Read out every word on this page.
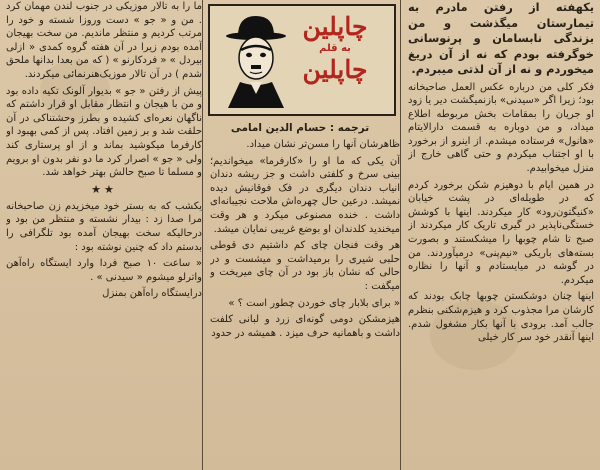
یکهفته از رفتن مادرم به تیمارستان میگذشت و من بزندگی نابسامان و پرنوسانی خوگرفته بودم که نه از آن دریغ میخوردم و نه از آن لذتی میبردم.

فکر کلی من درباره عکس العمل صاحبخانه بود؛ زیرا اگر «سیدنی» بازنمیگشت دیر یا زود او جریان را بمقامات بخش مربوطه اطلاع میداد، و من دوباره به قسمت دارالایتام «هانول» فرستاده میشدم. از اینرو از برخورد با او اجتناب میکردم و حتی گاهی خارج از منزل میخوابیدم.

در همین ایام با دوهیزم شکن برخورد کردم که در طویله‌ای در پشت خیابان «کنیگتون‌رود» کار میکردند. اینها با کوشش خستگی‌ناپذیر در گیری تاریک کار میکردند از صبح تا شام چوبها را میشکستند و بصورت بسته‌های باریکی «نیم‌پنی» درمیآوردند. من در گوشه در میایستادم و آنها را نظاره میکردم.

اینها چنان دوشکستن چوبها چابک بودند که کارشان مرا مجذوب کرد و هیزم‌شکنی بنظرم جالب آمد. برودی با آنها بکار مشغول شدم. اینها آنقدر خود سر کار خیلی

چاپلین
به قلم
چاپلین
ترجمه : حسام الدین امامی

ظاهرشان آنها را مسن‌تر نشان میداد.

آن یکی که ما او را «کارفرما» میخواندیم؛ بینی سرخ و کلفتی داشت و جز ریشه دندان انیاب دندان دیگری در فک فوقانیش دیده نمیشد. درعین حال چهره‌اش ملاحت نجیبانه‌ای داشت . خنده مصنوعی میکرد و هر وقت میخندید کلدندان او بوضع غریبی نمایان میشد.

هر وقت فنجان چای کم داشتیم دی قوطی حلبی شیری را برمیداشت و میشست و در حالی که نشان باز بود در آن چای میریخت و میگفت :

« برای بلابار چای خوردن چطور است ؟ »

هیزمشکن دومی گونه‌ای زرد و لبانی کلفت داشت و باهمانیه حرف میزد . همیشه در حدود

ما را به تالار موزیکی در جنوب لندن مهمان کرد . من و « جو » دست وروزا شسته و خود را مرتب کردیم و منتظر ماندیم. من سخت بهیجان آمده بودم زیرا در آن هفته گروه کمدی « ازلی بیردل » « فردکارنو » ( که من بعدا بدانها ملحق شدم ) در آن تالار موزیک‌هنرنمائی میکردند.

پیش از رفتن « جو » بدیوار آلونک تکیه داده بود و من با هیجان و انتظار مقابل او قرار داشتم که ناگهان نعره‌ای کشیده و بطرز وحشتناکی در آن حلقت شد و بر زمین افتاد. پس از کمی بهبود او کارفرما میکوشید بماند و از او پرستاری کند ولی « جو » اصرار کرد ما دو نفر بدون او برویم و مسلما تا صبح حالش بهتر خواهد شد.

★★

یکشب که به بستر خود میخزیدم زن صاحبخانه مرا صدا زد : بیدار نشسته و منتظر من بود و درحالیکه سخت بهیجان آمده بود تلگرافی را بدستم داد که چنین نوشته بود :

« ساعت ۱۰ صبح فردا وارد ایستگاه راه‌آهن واترلو میشوم « سیدنی » .

درایستگاه راه‌آهن بمنزل
